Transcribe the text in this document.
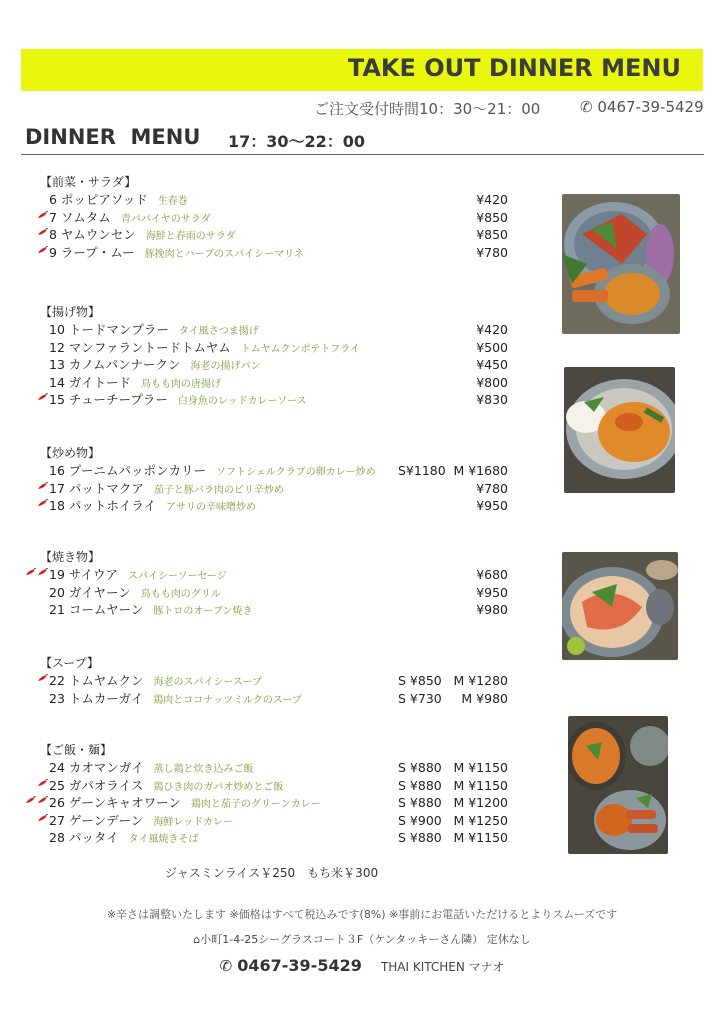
TAKE OUT DINNER MENU
ご注文受付時間10：30〜21：00	✆ 0467-39-5429
DINNER  MENU 17：30〜22：00
【前菜・サラダ】
6 ポッピアソッド 生春巻	¥420
7 ソムタム 青パパイヤのサラダ	¥850
8 ヤムウンセン 海鮮と春雨のサラダ	¥850
9 ラープ・ムー 豚挽肉とハーブのスパイシーマリネ	¥780
【揚げ物】
10 トードマンプラー タイ風さつま揚げ	¥420
12 マンファラントードトムヤム トムヤムクンポテトフライ	¥500
13 カノムパンナークン 海老の揚げパン	¥450
14 ガイトード 鳥もも肉の唐揚げ	¥800
15 チューチープラー 白身魚のレッドカレーソース	¥830
【炒め物】
16 プーニムパッポンカリー ソフトシェルクラブの卵カレー炒め S¥1180 M ¥1680
17 パットマクア 茄子と豚バラ肉のピリ辛炒め	¥780
18 パットホイライ アサリの辛味噌炒め	¥950
【焼き物】
19 サイウア スパイシーソーセージ	¥680
20 ガイヤーン 鳥もも肉のグリル	¥950
21 コームヤーン 豚トロのオーブン焼き	¥980
【スープ】
22 トムヤムクン 海老のスパイシースープ	S ¥850 M ¥1280
23 トムカーガイ 鶏肉とココナッツミルクのスープ	S ¥730 M ¥980
【ご飯・麺】
24 カオマンガイ 蒸し鶏と炊き込みご飯	S ¥880 M ¥1150
25 ガパオライス 鶏ひき肉のガパオ炒めとご飯	S ¥880 M ¥1150
26 ゲーンキャオワーン 鶏肉と茄子のグリーンカレー	S ¥880 M ¥1200
27 ゲーンデーン 海鮮レッドカレー	S ¥900 M ¥1250
28 パッタイ タイ風焼きそば	S ¥880 M ¥1150
ジャスミンライス￥250　もち米￥300
※辛さは調整いたします ※価格はすべて税込みです(8%) ※事前にお電話いただけるとよりスムーズです
⌂小町1-4-25シーグラスコート３F（ケンタッキーさん隣） 定休なし
✆ 0467-39-5429 THAI KITCHEN マナオ
